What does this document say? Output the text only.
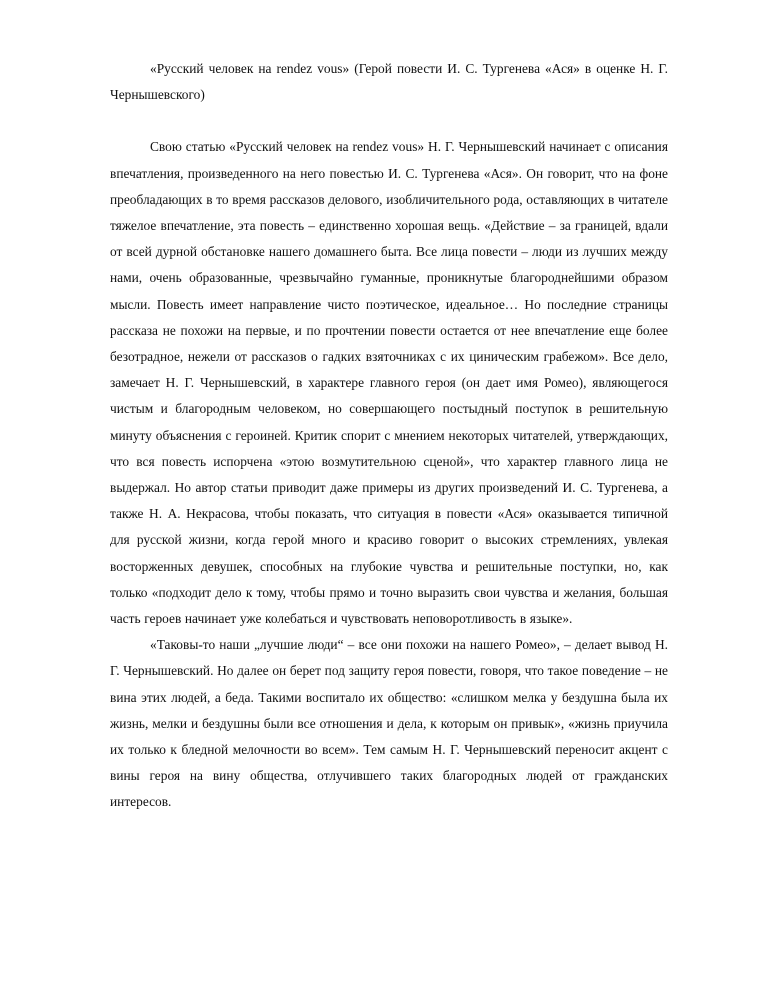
«Русский человек на rendez vous» (Герой повести И. С. Тургенева «Ася» в оценке Н. Г. Чернышевского)

Свою статью «Русский человек на rendez vous» Н. Г. Чернышевский начинает с описания впечатления, произведенного на него повестью И. С. Тургенева «Ася». Он говорит, что на фоне преобладающих в то время рассказов делового, изобличительного рода, оставляющих в читателе тяжелое впечатление, эта повесть – единственно хорошая вещь. «Действие – за границей, вдали от всей дурной обстановке нашего домашнего быта. Все лица повести – люди из лучших между нами, очень образованные, чрезвычайно гуманные, проникнутые благороднейшими образом мысли. Повесть имеет направление чисто поэтическое, идеальное… Но последние страницы рассказа не похожи на первые, и по прочтении повести остается от нее впечатление еще более безотрадное, нежели от рассказов о гадких взяточниках с их циническим грабежом». Все дело, замечает Н. Г. Чернышевский, в характере главного героя (он дает имя Ромео), являющегося чистым и благородным человеком, но совершающего постыдный поступок в решительную минуту объяснения с героиней. Критик спорит с мнением некоторых читателей, утверждающих, что вся повесть испорчена «этою возмутительною сценой», что характер главного лица не выдержал. Но автор статьи приводит даже примеры из других произведений И. С. Тургенева, а также Н. А. Некрасова, чтобы показать, что ситуация в повести «Ася» оказывается типичной для русской жизни, когда герой много и красиво говорит о высоких стремлениях, увлекая восторженных девушек, способных на глубокие чувства и решительные поступки, но, как только «подходит дело к тому, чтобы прямо и точно выразить свои чувства и желания, большая часть героев начинает уже колебаться и чувствовать неповоротливость в языке».

«Таковы-то наши „лучшие люди“ – все они похожи на нашего Ромео», – делает вывод Н. Г. Чернышевский. Но далее он берет под защиту героя повести, говоря, что такое поведение – не вина этих людей, а беда. Такими воспитало их общество: «слишком мелка у бездушна была их жизнь, мелки и бездушны были все отношения и дела, к которым он привык», «жизнь приучила их только к бледной мелочности во всем». Тем самым Н. Г. Чернышевский переносит акцент с вины героя на вину общества, отлучившего таких благородных людей от гражданских интересов.
